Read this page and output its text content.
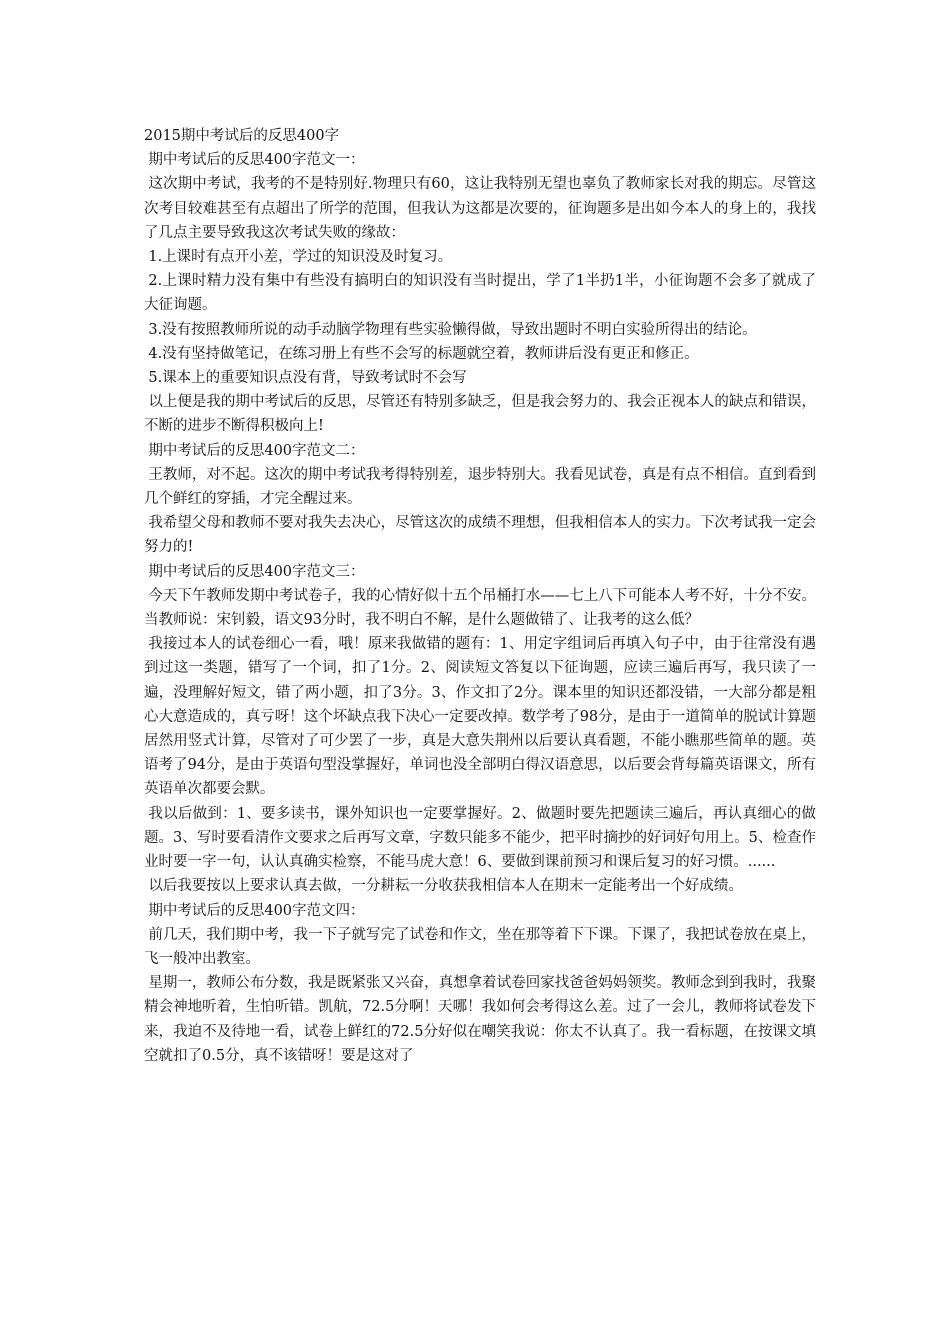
2015期中考试后的反思400字

期中考试后的反思400字范文一：

这次期中考试，我考的不是特别好.物理只有60，这让我特别无望也辜负了教师家长对我的期忘。尽管这次考目较难甚至有点超出了所学的范围，但我认为这都是次要的，征询题多是出如今本人的身上的，我找了几点主要导致我这次考试失败的缘故：

1.上课时有点开小差，学过的知识没及时复习。

2.上课时精力没有集中有些没有搞明白的知识没有当时提出，学了1半扔1半，小征询题不会多了就成了大征询题。

3.没有按照教师所说的动手动脑学物理有些实验懒得做，导致出题时不明白实验所得出的结论。

4.没有坚持做笔记，在练习册上有些不会写的标题就空着，教师讲后没有更正和修正。

5.课本上的重要知识点没有背，导致考试时不会写

以上便是我的期中考试后的反思，尽管还有特别多缺乏，但是我会努力的、我会正视本人的缺点和错误，不断的进步不断得积极向上!

期中考试后的反思400字范文二：

王教师，对不起。这次的期中考试我考得特别差，退步特别大。我看见试卷，真是有点不相信。直到看到几个鲜红的穿插，才完全醒过来。

我希望父母和教师不要对我失去决心，尽管这次的成绩不理想，但我相信本人的实力。下次考试我一定会努力的!

期中考试后的反思400字范文三：

今天下午教师发期中考试卷子，我的心情好似十五个吊桶打水——七上八下可能本人考不好，十分不安。当教师说：宋钊毅，语文93分时，我不明白不解，是什么题做错了、让我考的这么低？

我接过本人的试卷细心一看，哦！原来我做错的题有：1、用定字组词后再填入句子中，由于往常没有遇到过这一类题，错写了一个词，扣了1分。2、阅读短文答复以下征询题，应读三遍后再写，我只读了一遍，没理解好短文，错了两小题，扣了3分。3、作文扣了2分。课本里的知识还都没错，一大部分都是粗心大意造成的，真亏呀！这个坏缺点我下决心一定要改掉。数学考了98分，是由于一道简单的脱试计算题居然用竖式计算，尽管对了可少罢了一步，真是大意失荆州以后要认真看题，不能小瞧那些简单的题。英语考了94分，是由于英语句型没掌握好，单词也没全部明白得汉语意思，以后要会背每篇英语课文，所有英语单次都要会默。

我以后做到：1、要多读书，课外知识也一定要掌握好。2、做题时要先把题读三遍后，再认真细心的做题。3、写时要看清作文要求之后再写文章，字数只能多不能少，把平时摘抄的好词好句用上。5、检查作业时要一字一句，认认真确实检察，不能马虎大意！6、要做到课前预习和课后复习的好习惯。......

以后我要按以上要求认真去做，一分耕耘一分收获我相信本人在期末一定能考出一个好成绩。

期中考试后的反思400字范文四：

前几天，我们期中考，我一下子就写完了试卷和作文，坐在那等着下下课。下课了，我把试卷放在桌上，飞一般冲出教室。

星期一，教师公布分数，我是既紧张又兴奋，真想拿着试卷回家找爸爸妈妈领奖。教师念到到我时，我聚精会神地听着，生怕听错。凯航，72.5分啊！天哪！我如何会考得这么差。过了一会儿，教师将试卷发下来，我迫不及待地一看，试卷上鲜红的72.5分好似在嘲笑我说：你太不认真了。我一看标题，在按课文填空就扣了0.5分，真不该错呀！要是这对了
